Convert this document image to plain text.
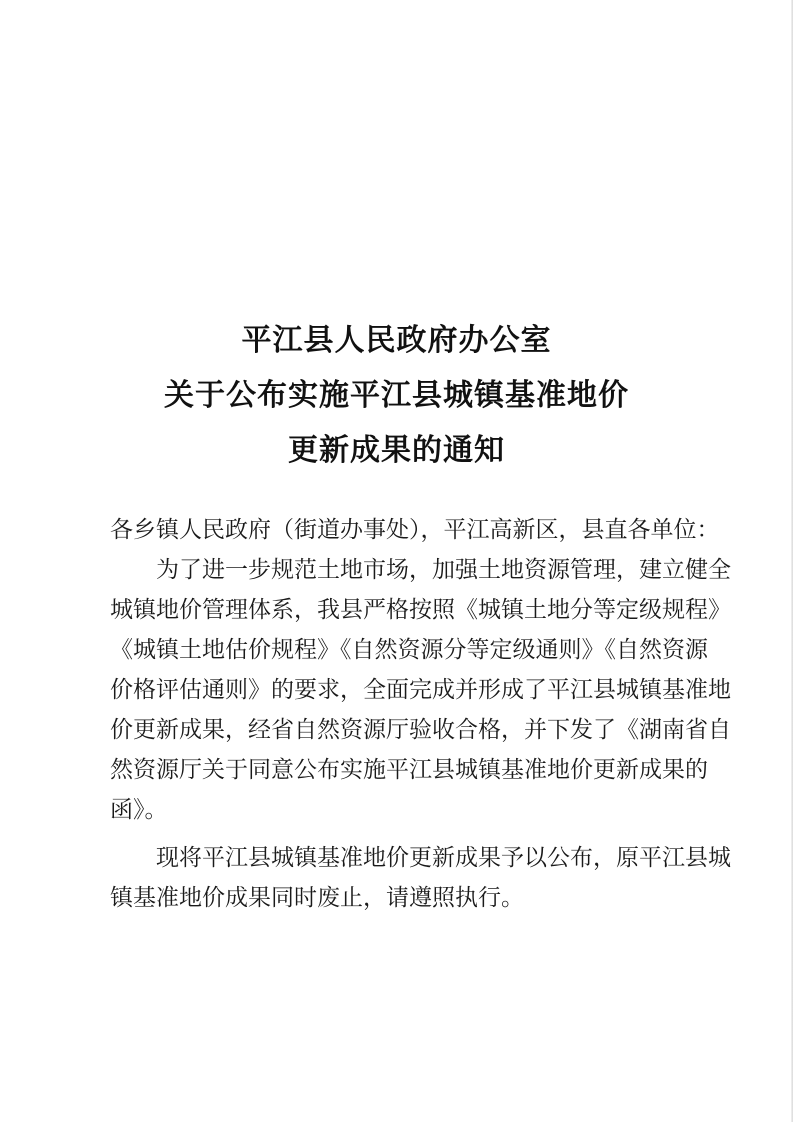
平江县人民政府办公室
关于公布实施平江县城镇基准地价
更新成果的通知
各乡镇人民政府（街道办事处），平江高新区，县直各单位：
为了进一步规范土地市场，加强土地资源管理，建立健全
城镇地价管理体系，我县严格按照《城镇土地分等定级规程》
《城镇土地估价规程》《自然资源分等定级通则》《自然资源
价格评估通则》的要求，全面完成并形成了平江县城镇基准地
价更新成果，经省自然资源厅验收合格，并下发了《湖南省自
然资源厅关于同意公布实施平江县城镇基准地价更新成果的
函》。
现将平江县城镇基准地价更新成果予以公布，原平江县城
镇基准地价成果同时废止，请遵照执行。
